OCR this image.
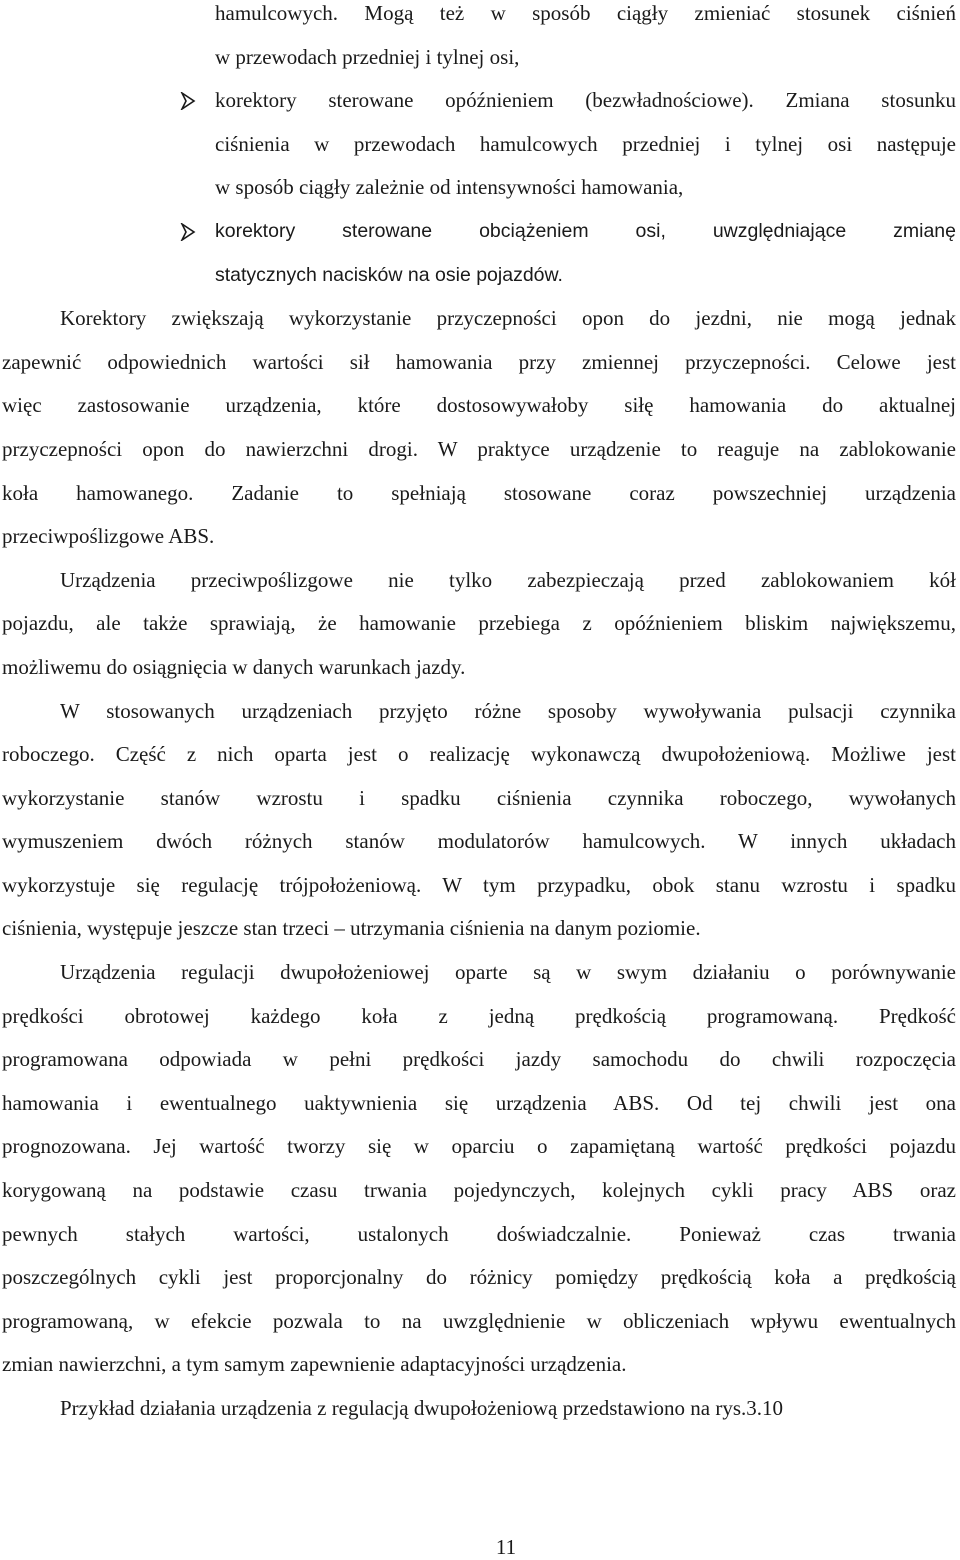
hamulcowych. Mogą też w sposób ciągły zmieniać stosunek ciśnień
w przewodach przedniej i tylnej osi,
korektory sterowane opóźnieniem (bezwładnościowe). Zmiana stosunku
ciśnienia w przewodach hamulcowych przedniej i tylnej osi następuje
w sposób ciągły zależnie od intensywności hamowania,
korektory sterowane obciążeniem osi, uwzględniające zmianę
statycznych nacisków na osie pojazdów.
Korektory zwiększają wykorzystanie przyczepności opon do jezdni, nie mogą jednak
zapewnić odpowiednich wartości sił hamowania przy zmiennej przyczepności. Celowe jest
więc zastosowanie urządzenia, które dostosowywałoby siłę hamowania do aktualnej
przyczepności opon do nawierzchni drogi. W praktyce urządzenie to reaguje na zablokowanie
koła hamowanego. Zadanie to spełniają stosowane coraz powszechniej urządzenia
przeciwpoślizgowe ABS.
Urządzenia przeciwpoślizgowe nie tylko zabezpieczają przed zablokowaniem kół
pojazdu, ale także sprawiają, że hamowanie przebiega z opóźnieniem bliskim największemu,
możliwemu do osiągnięcia w danych warunkach jazdy.
W stosowanych urządzeniach przyjęto różne sposoby wywoływania pulsacji czynnika
roboczego. Część z nich oparta jest o realizację wykonawczą dwupołożeniową. Możliwe jest
wykorzystanie stanów wzrostu i spadku ciśnienia czynnika roboczego, wywołanych
wymuszeniem dwóch różnych stanów modulatorów hamulcowych. W innych układach
wykorzystuje się regulację trójpołożeniową. W tym przypadku, obok stanu wzrostu i spadku
ciśnienia, występuje jeszcze stan trzeci – utrzymania ciśnienia na danym poziomie.
Urządzenia regulacji dwupołożeniowej oparte są w swym działaniu o porównywanie
prędkości obrotowej każdego koła z jedną prędkością programowaną. Prędkość
programowana odpowiada w pełni prędkości jazdy samochodu do chwili rozpoczęcia
hamowania i ewentualnego uaktywnienia się urządzenia ABS. Od tej chwili jest ona
prognozowana. Jej wartość tworzy się w oparciu o zapamiętaną wartość prędkości pojazdu
korygowaną na podstawie czasu trwania pojedynczych, kolejnych cykli pracy ABS oraz
pewnych stałych wartości, ustalonych doświadczalnie. Ponieważ czas trwania
poszczególnych cykli jest proporcjonalny do różnicy pomiędzy prędkością koła a prędkością
programowaną, w efekcie pozwala to na uwzględnienie w obliczeniach wpływu ewentualnych
zmian nawierzchni, a tym samym zapewnienie adaptacyjności urządzenia.
Przykład działania urządzenia z regulacją dwupołożeniową przedstawiono na rys.3.10
11
